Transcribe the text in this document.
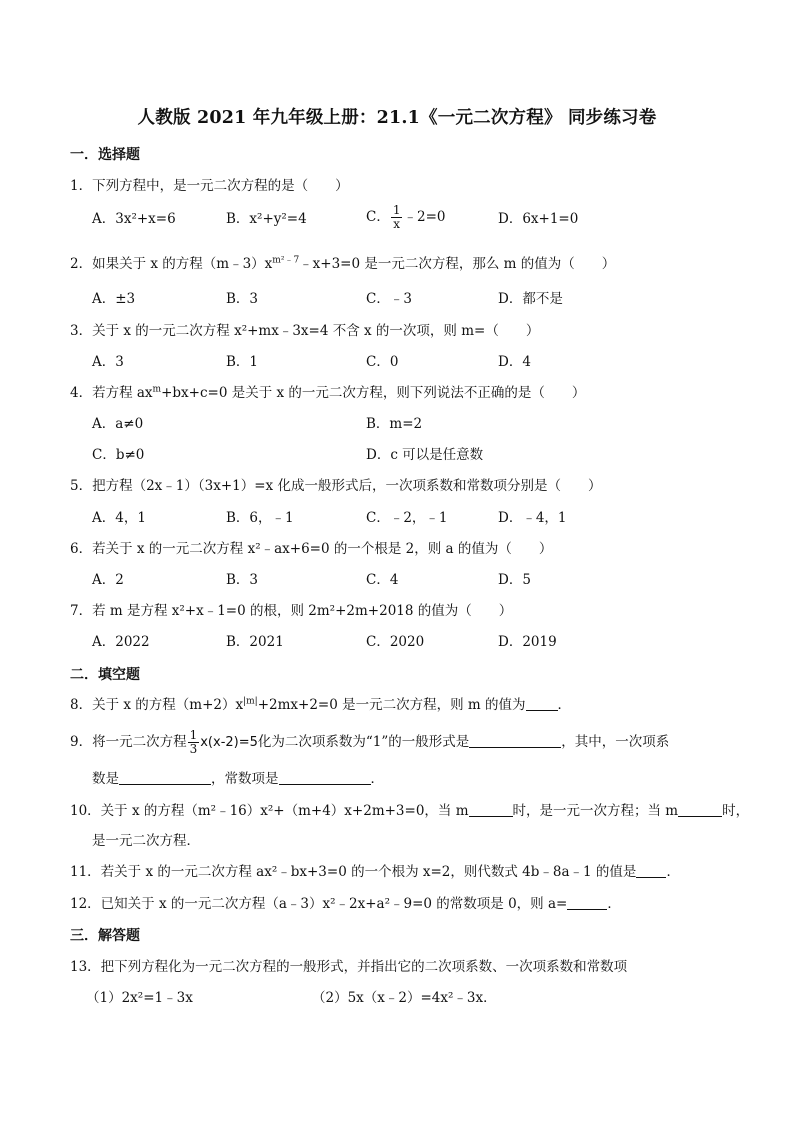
人教版 2021 年九年级上册：21.1《一元二次方程》 同步练习卷
一．选择题
1．下列方程中，是一元二次方程的是（　　）
A．3x²+x=6	B．x²+y²=4	C． $\frac{1}{x}$ ﹣2=0	D．6x+1=0
2．如果关于 x 的方程$(m﹣3)x^{m^2﹣7}﹣x+3=0$ 是一元二次方程，那么 m 的值为（　　）
A．±3	B．3	C．﹣3	D．都不是
3．关于 x 的一元二次方程 x²+mx﹣3x=4 不含 x 的一次项，则 m=（　　）
A．3	B．1	C．0	D．4
4．若方程 $ax^m+bx+c=0$ 是关于 x 的一元二次方程，则下列说法不正确的是（　　）
A．a≠0	B．m=2
C．b≠0	D．c 可以是任意数
5．把方程（2x﹣1）（3x+1）=x 化成一般形式后，一次项系数和常数项分别是（　　）
A．4，1	B．6，﹣1	C．﹣2，﹣1	D．﹣4，1
6．若关于 x 的一元二次方程 x²﹣ax+6=0 的一个根是 2，则 a 的值为（　　）
A．2	B．3	C．4	D．5
7．若 m 是方程 x²+x﹣1=0 的根，则 2m²+2m+2018 的值为（　　）
A．2022	B．2021	C．2020	D．2019
二．填空题
8．关于 x 的方程$(m+2)x^{|m|}+2mx+2=0$ 是一元二次方程，则 m 的值为 ．
9．将一元二次方程 $\frac{1}{3} x(x-2)=5$化为二次项系数为“1”的一般形式是	，其中，一次项系
数是	，常数项是	．
10．关于 x 的方程（m²﹣16）x²+（m+4）x+2m+3=0，当 m	时，是一元一次方程；当 m	时，
是一元二次方程．
11．若关于 x 的一元二次方程 ax²﹣bx+3=0 的一个根为 x=2，则代数式 4b﹣8a﹣1 的值是 ．
12．已知关于 x 的一元二次方程（a﹣3）x²﹣2x+a²﹣9=0 的常数项是 0，则 a=	．
三．解答题
13．把下列方程化为一元二次方程的一般形式，并指出它的二次项系数、一次项系数和常数项
（1）2x²=1﹣3x	（2）5x（x﹣2）=4x²﹣3x．
